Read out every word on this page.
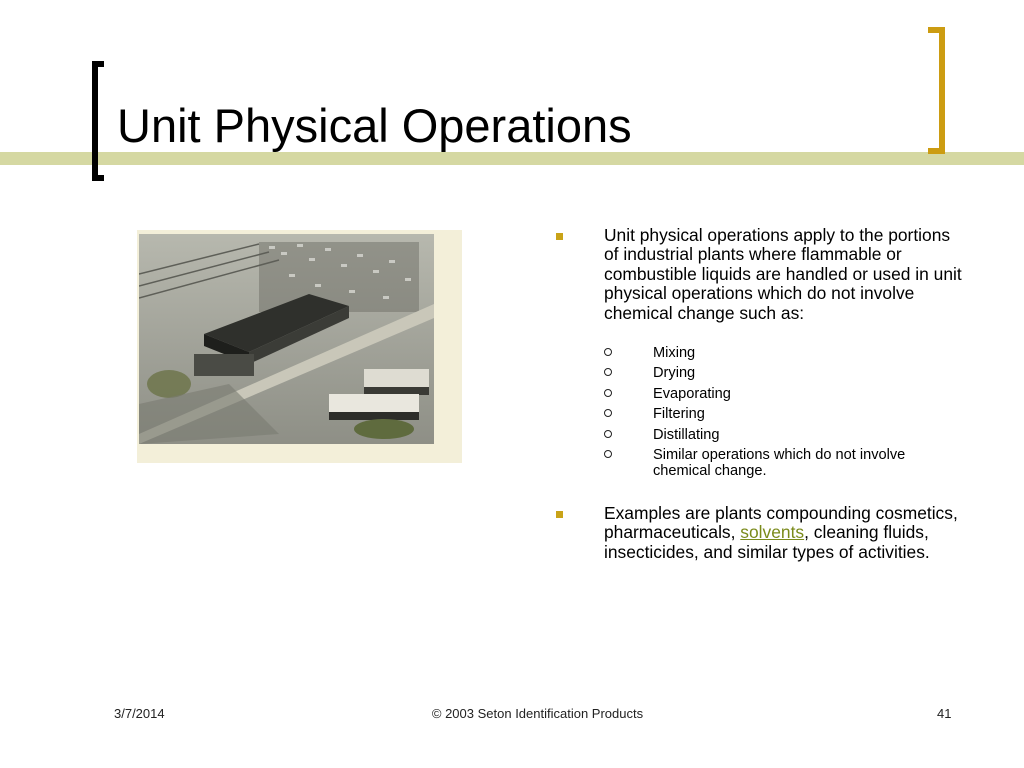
Unit Physical Operations
Unit physical operations apply to the portions of industrial plants where flammable or combustible liquids are handled or used in unit physical operations which do not involve chemical change such as:
Mixing
Drying
Evaporating
Filtering
Distillating
Similar operations which do not involve chemical change.
Examples are plants compounding cosmetics, pharmaceuticals, solvents, cleaning fluids, insecticides, and similar types of activities.
3/7/2014	© 2003 Seton Identification Products	41
